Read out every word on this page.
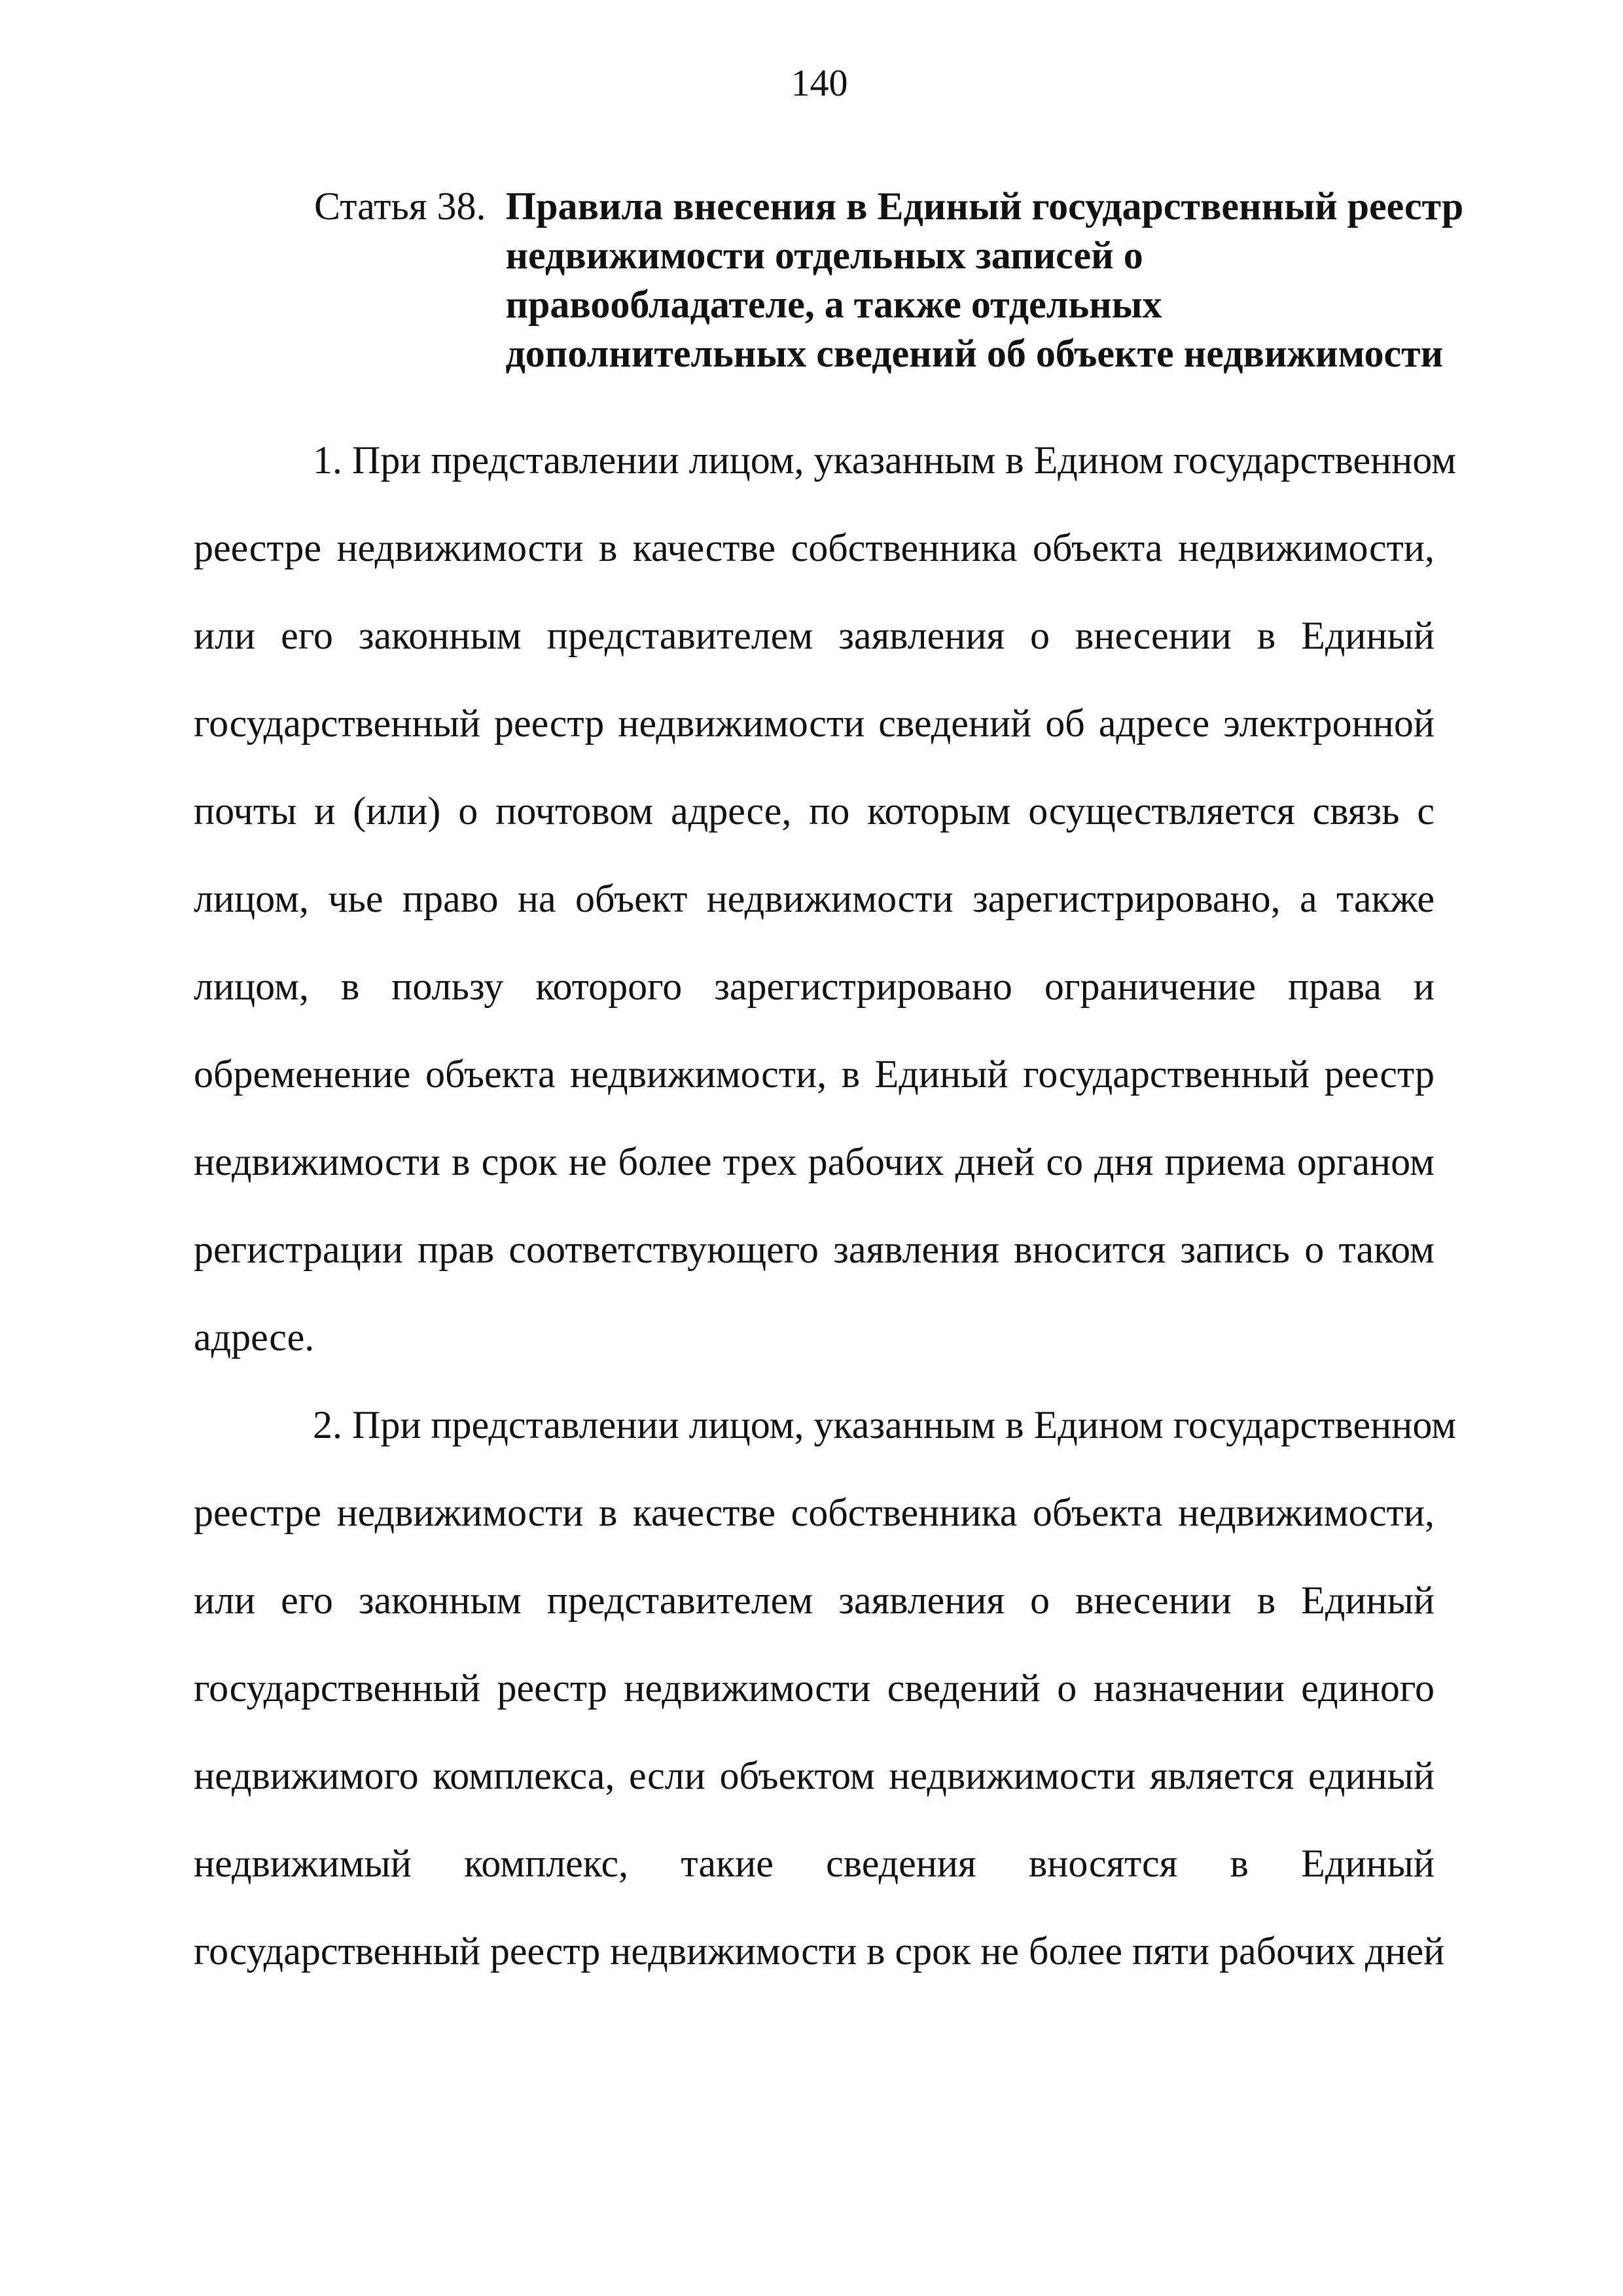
140
Статья 38. Правила внесения в Единый государственный реестр
недвижимости отдельных записей о
правообладателе, а также отдельных
дополнительных сведений об объекте недвижимости
1. При представлении лицом, указанным в Едином государственном
реестре недвижимости в качестве собственника объекта недвижимости,
или его законным представителем заявления о внесении в Единый
государственный реестр недвижимости сведений об адресе электронной
почты и (или) о почтовом адресе, по которым осуществляется связь с
лицом, чье право на объект недвижимости зарегистрировано, а также
лицом, в пользу которого зарегистрировано ограничение права и
обременение объекта недвижимости, в Единый государственный реестр
недвижимости в срок не более трех рабочих дней со дня приема органом
регистрации прав соответствующего заявления вносится запись о таком
адресе.
2. При представлении лицом, указанным в Едином государственном
реестре недвижимости в качестве собственника объекта недвижимости,
или его законным представителем заявления о внесении в Единый
государственный реестр недвижимости сведений о назначении единого
недвижимого комплекса, если объектом недвижимости является единый
недвижимый комплекс, такие сведения вносятся в Единый
государственный реестр недвижимости в срок не более пяти рабочих дней
